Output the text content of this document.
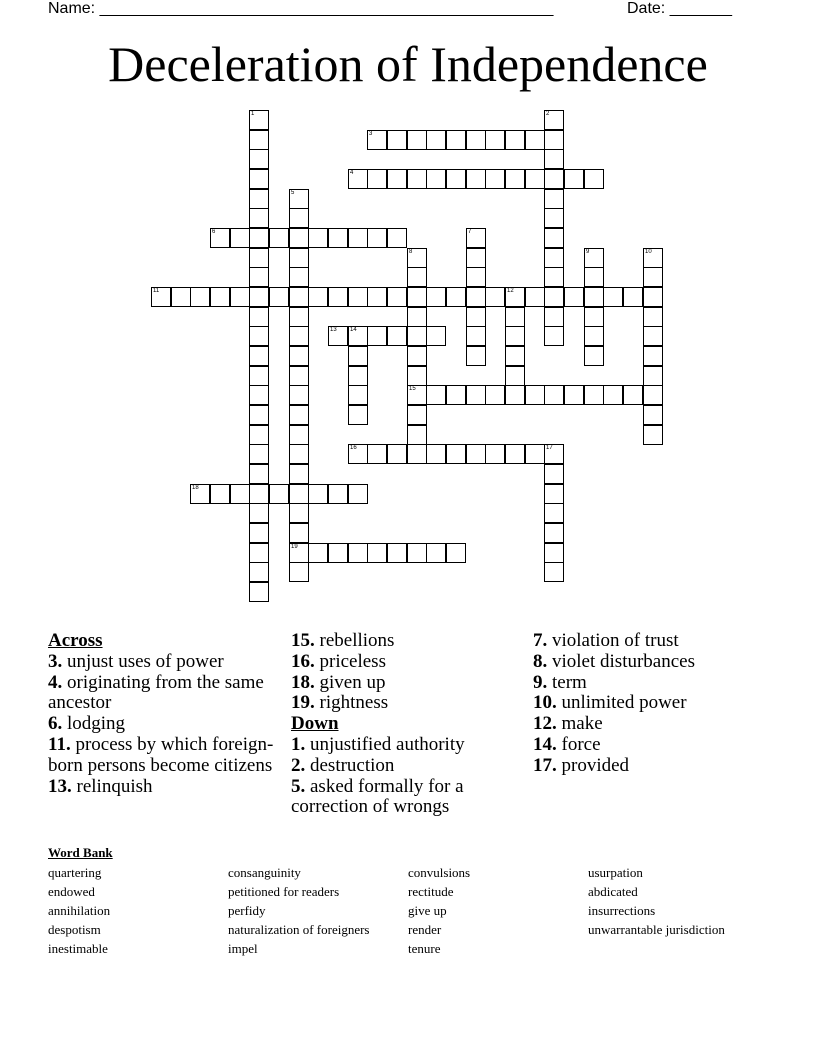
Name: ___________________________________________________	Date: _______
Deceleration of Independence
3
4
6
11	12
13 14
15
16	17
18
19
1	2
5
7
8	9	10
Across
3. unjust uses of power
4. originating from the same ancestor
6. lodging
11. process by which foreign-born persons become citizens
13. relinquish
15. rebellions
16. priceless
18. given up
19. rightness
Down
1. unjustified authority
2. destruction
5. asked formally for a correction of wrongs
7. violation of trust
8. violet disturbances
9. term
10. unlimited power
12. make
14. force
17. provided
Word Bank
quartering
endowed
annihilation
despotism
inestimable
consanguinity
petitioned for readers
perfidy
naturalization of foreigners
impel
convulsions
rectitude
give up
render
tenure
usurpation
abdicated
insurrections
unwarrantable jurisdiction
